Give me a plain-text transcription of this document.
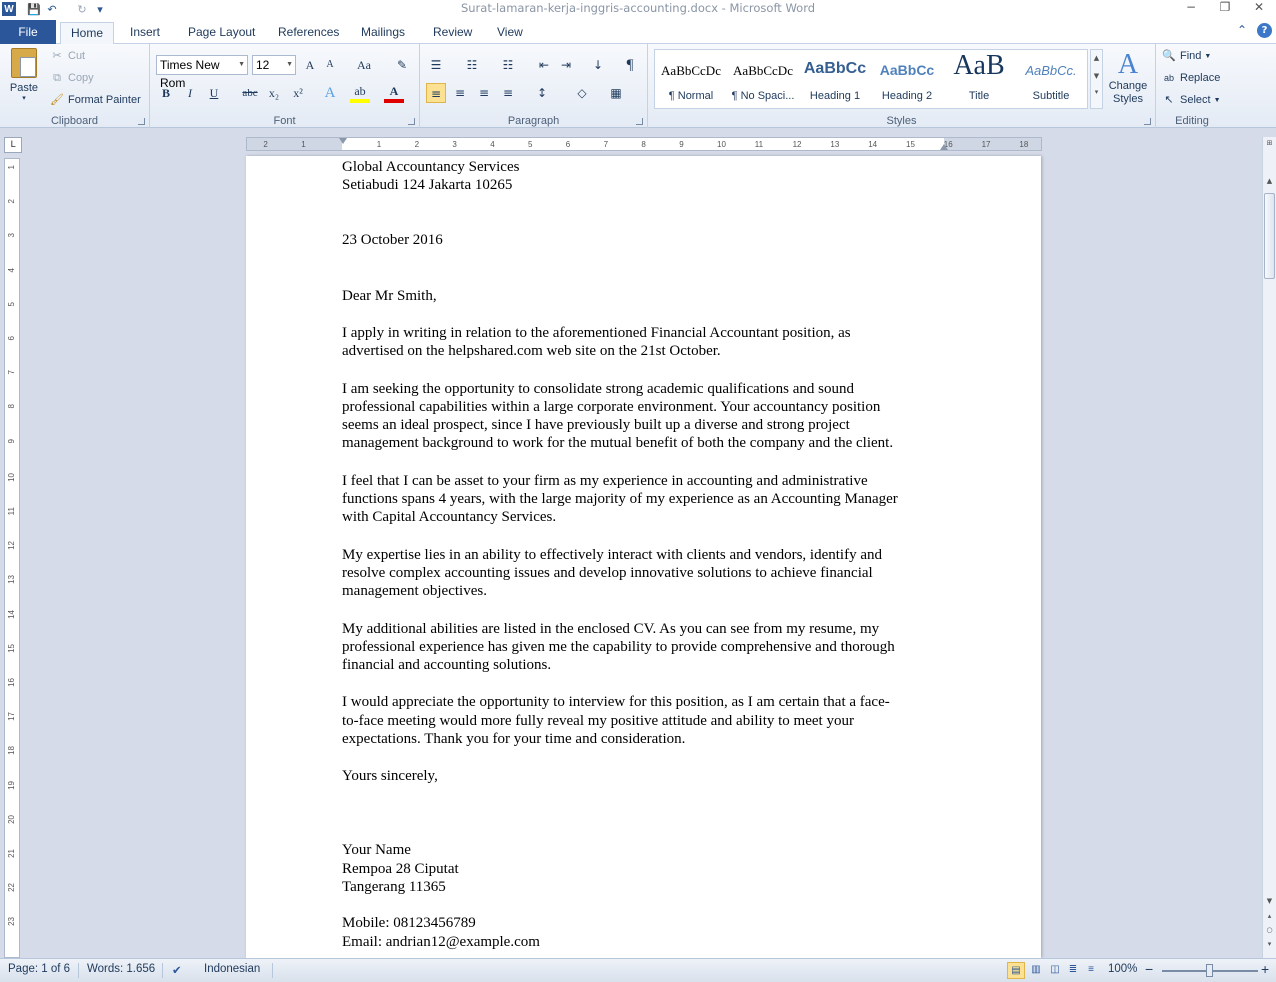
W 💾 ↶	↻ ▾	Surat-lamaran-kerja-inggris-accounting.docx - Microsoft Word	−	❐	✕
File	Home	Insert	Page Layout	References	Mailings	Review	View	⌃	?
Paste
▾
✂ Cut
⧉ Copy
🖌 Format Painter
Clipboard
Times New Rom
▼ 12 ▼	A	A	Aa	✎
B	I	U	abc x₂	x²	A	ab	A
Font
☰	☷	☷	⇤ ⇥	↓	¶
≡	≡	≡	≡	↕	◇	▦
Paragraph	Styles
A
Change Styles
AaBbCcDc
¶ Normal
AaBbCcDc
¶ No Spaci...
AaBbCc
Heading 1
AaBbCc
Heading 2
AaB
Title
AaBbCc.
Subtitle
▲
▼
▾
🔍 Find ▼
ab Replace
↖ Select ▼
Editing
L	2	1	1	2	3	4	5	6	7	8	9	10	11	12	13	14	15	16	17	18
1
2
3
4
5
6
7
8
9
10
11
12
13
14
15
16
17
18
19
20
21
22
23
Global Accountancy Services
Setiabudi 124 Jakarta 10265
23 October 2016
Dear Mr Smith,
I apply in writing in relation to the aforementioned Financial Accountant position, as
advertised on the helpshared.com web site on the 21st October.
I am seeking the opportunity to consolidate strong academic qualifications and sound
professional capabilities within a large corporate environment. Your accountancy position
seems an ideal prospect, since I have previously built up a diverse and strong project
management background to work for the mutual benefit of both the company and the client.
I feel that I can be asset to your firm as my experience in accounting and administrative
functions spans 4 years, with the large majority of my experience as an Accounting Manager
with Capital Accountancy Services.
My expertise lies in an ability to effectively interact with clients and vendors, identify and
resolve complex accounting issues and develop innovative solutions to achieve financial
management objectives.
My additional abilities are listed in the enclosed CV. As you can see from my resume, my
professional experience has given me the capability to provide comprehensive and thorough
financial and accounting solutions.
I would appreciate the opportunity to interview for this position, as I am certain that a face-
to-face meeting would more fully reveal my positive attitude and ability to meet your
expectations. Thank you for your time and consideration.
Yours sincerely,
Your Name
Rempoa 28 Ciputat
Tangerang 11365
Mobile: 08123456789
Email: andrian12@example.com
⊞
▲
▼
▴
○
▾
Page: 1 of 6 Words: 1.656 ✔ Indonesian	▤	▥ ◫ ≣	≡	100% −	+
